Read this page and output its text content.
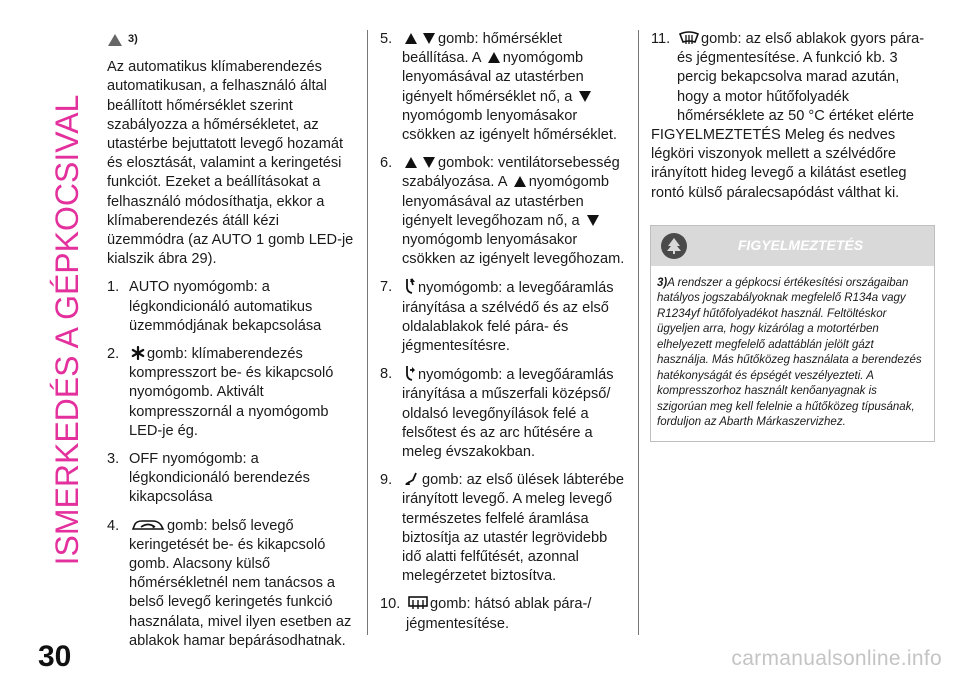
ISMERKEDÉS A GÉPKOCSIVAL
3)

Az automatikus klímaberendezés automatikusan, a felhasználó által beállított hőmérséklet szerint szabályozza a hőmérsékletet, az utastérbe bejuttatott levegő hozamát és elosztását, valamint a keringetési funkciót. Ezeket a beállításokat a felhasználó módosíthatja, ekkor a klímaberendezés átáll kézi üzemmódra (az AUTO 1 gomb LED-je kialszik ábra 29).

1. AUTO nyomógomb: a légkondicionáló automatikus üzemmódjának bekapcsolása
2.	gomb: klímaberendezés kompresszort be- és kikapcsoló nyomógomb. Aktivált kompresszornál a nyomógomb LED-je ég.
3. OFF nyomógomb: a légkondicionáló berendezés kikapcsolása
4.	gomb: belső levegő keringetését be- és kikapcsoló gomb. Alacsony külső hőmérsékletnél nem tanácsos a belső levegő keringetés funkció használata, mivel ilyen esetben az ablakok hamar bepárásodhatnak.
5.	gomb: hőmérséklet beállítása. A nyomógomb lenyomásával az utastérben igényelt hőmérséklet nő, a nyomógomb lenyomásakor csökken az igényelt hőmérséklet.
6.	gombok: ventilátorsebesség szabályozása. A nyomógomb lenyomásával az utastérben igényelt levegőhozam nő, a nyomógomb lenyomásakor csökken az igényelt levegőhozam.
7.	nyomógomb: a levegőáramlás irányítása a szélvédő és az első oldalablakok felé pára- és jégmentesítésre.
8.	nyomógomb: a levegőáramlás irányítása a műszerfali középső/ oldalsó levegőnyílások felé a felsőtest és az arc hűtésére a meleg évszakokban.
9.	gomb: az első ülések lábterébe irányított levegő. A meleg levegő természetes felfelé áramlása biztosítja az utastér legrövidebb idő alatti felfűtését, azonnal melegérzetet biztosítva.
10.	gomb: hátsó ablak pára-/ jégmentesítése.
11.	gomb: az első ablakok gyors pára- és jégmentesítése. A funkció kb. 3 percig bekapcsolva marad azután, hogy a motor hűtőfolyadék hőmérséklete az 50 °C értéket elérte

FIGYELMEZTETÉS Meleg és nedves légköri viszonyok mellett a szélvédőre irányított hideg levegő a kilátást esetleg rontó külső páralecsapódást válthat ki.

FIGYELMEZTETÉS
3)A rendszer a gépkocsi értékesítési országaiban hatályos jogszabályoknak megfelelő R134a vagy R1234yf hűtőfolyadékot használ. Feltöltéskor ügyeljen arra, hogy kizárólag a motortérben elhelyezett megfelelő adattáblán jelölt gázt használja. Más hűtőközeg használata a berendezés hatékonyságát és épségét veszélyezteti. A kompresszorhoz használt kenőanyagnak is szigorúan meg kell felelnie a hűtőközeg típusának, forduljon az Abarth Márkaszervizhez.
30	carmanualsonline.info
